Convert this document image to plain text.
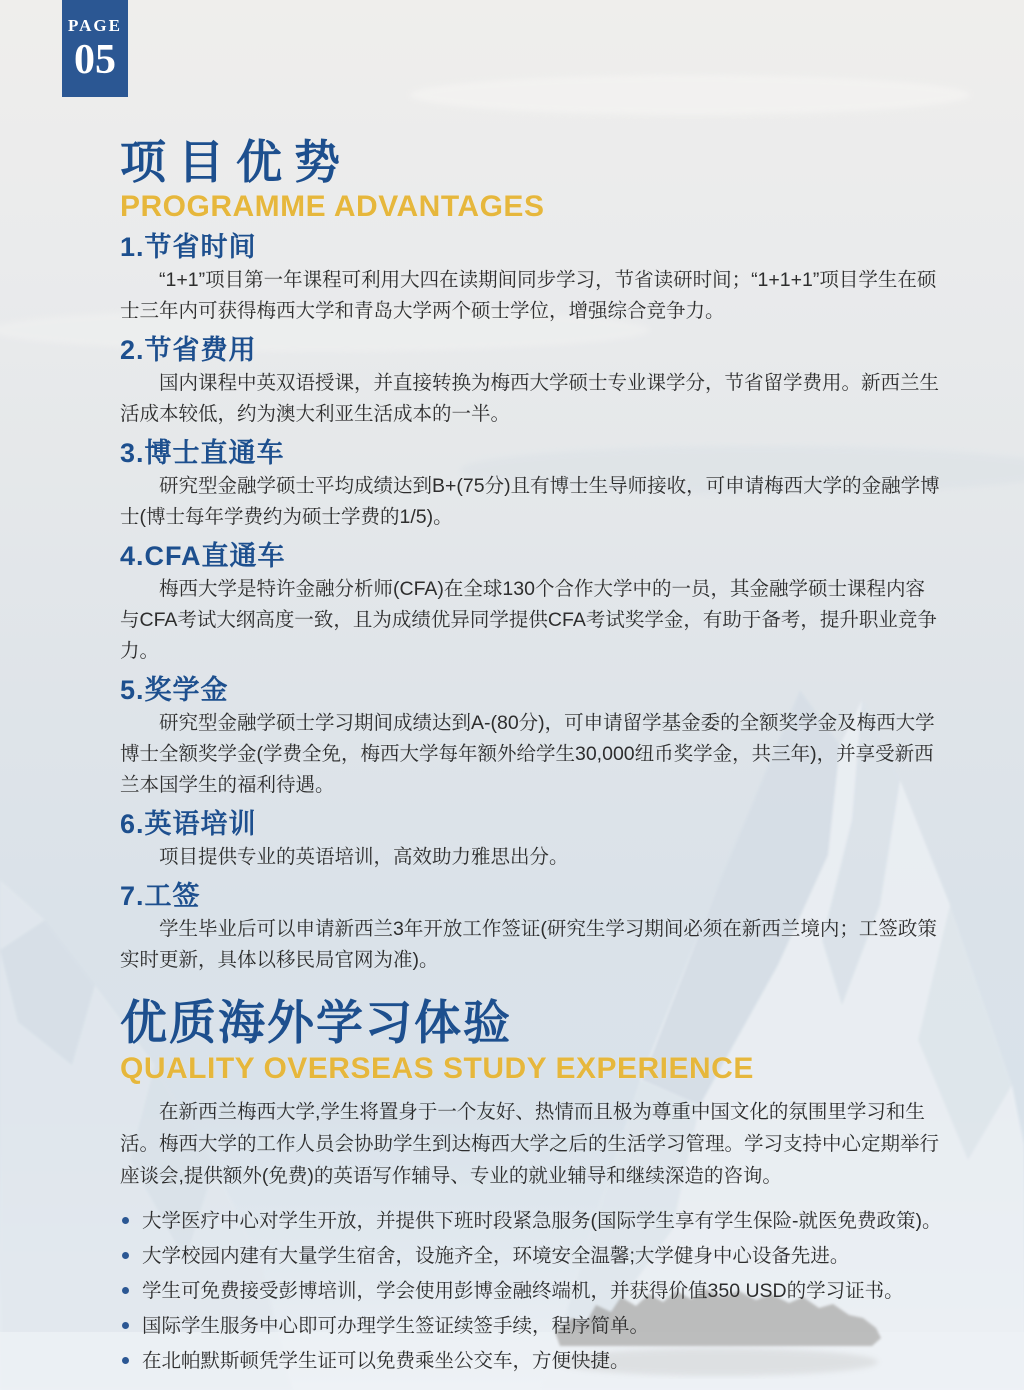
PAGE
05
项目优势
PROGRAMME ADVANTAGES
1.节省时间

“1+1”项目第一年课程可利用大四在读期间同步学习，节省读研时间；“1+1+1”项目学生在硕士三年内可获得梅西大学和青岛大学两个硕士学位，增强综合竞争力。

2.节省费用

国内课程中英双语授课，并直接转换为梅西大学硕士专业课学分，节省留学费用。新西兰生活成本较低，约为澳大利亚生活成本的一半。

3.博士直通车

研究型金融学硕士平均成绩达到B+(75分)且有博士生导师接收，可申请梅西大学的金融学博士(博士每年学费约为硕士学费的1/5)。

4.CFA直通车

梅西大学是特许金融分析师(CFA)在全球130个合作大学中的一员，其金融学硕士课程内容与CFA考试大纲高度一致，且为成绩优异同学提供CFA考试奖学金，有助于备考，提升职业竞争力。

5.奖学金

研究型金融学硕士学习期间成绩达到A-(80分)，可申请留学基金委的全额奖学金及梅西大学博士全额奖学金(学费全免，梅西大学每年额外给学生30,000纽币奖学金，共三年)，并享受新西兰本国学生的福利待遇。

6.英语培训

项目提供专业的英语培训，高效助力雅思出分。

7.工签

学生毕业后可以申请新西兰3年开放工作签证(研究生学习期间必须在新西兰境内；工签政策实时更新，具体以移民局官网为准)。

优质海外学习体验
QUALITY OVERSEAS STUDY EXPERIENCE

在新西兰梅西大学,学生将置身于一个友好、热情而且极为尊重中国文化的氛围里学习和生活。梅西大学的工作人员会协助学生到达梅西大学之后的生活学习管理。学习支持中心定期举行座谈会,提供额外(免费)的英语写作辅导、专业的就业辅导和继续深造的咨询。

大学医疗中心对学生开放，并提供下班时段紧急服务(国际学生享有学生保险-就医免费政策)。
大学校园内建有大量学生宿舍，设施齐全，环境安全温馨;大学健身中心设备先进。
学生可免费接受彭博培训，学会使用彭博金融终端机，并获得价值350 USD的学习证书。
国际学生服务中心即可办理学生签证续签手续，程序简单。
在北帕默斯顿凭学生证可以免费乘坐公交车，方便快捷。
